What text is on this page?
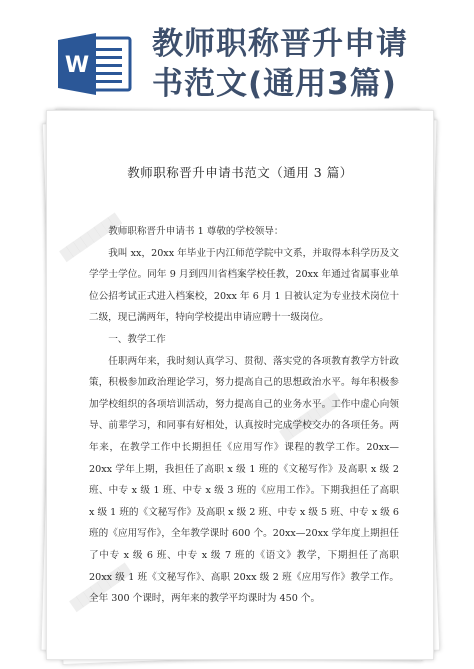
W
教师职称晋升申请
书范文(通用3篇)
████████
████████
████████
教师职称晋升申请书范文（通用 3 篇）

教师职称晋升申请书 1 尊敬的学校领导：

我叫 xx，20xx 年毕业于内江师范学院中文系，并取得本科学历及文学学士学位。同年 9 月到四川省档案学校任教，20xx 年通过省属事业单位公招考试正式进入档案校，20xx 年 6 月 1 日被认定为专业技术岗位十二级，现已满两年，特向学校提出申请应聘十一级岗位。

一、教学工作

任职两年来，我时刻认真学习、贯彻、落实党的各项教育教学方针政策，积极参加政治理论学习，努力提高自己的思想政治水平。每年积极参加学校组织的各项培训活动，努力提高自己的业务水平。工作中虚心向领导、前辈学习，和同事有好相处，认真按时完成学校交办的各项任务。两年来，在教学工作中长期担任《应用写作》课程的教学工作。20xx—20xx 学年上期，我担任了高职 x 级 1 班的《文秘写作》及高职 x 级 2 班、中专 x 级 1 班、中专 x 级 3 班的《应用工作》。下期我担任了高职 x 级 1 班的《文秘写作》及高职 x 级 2 班、中专 x 级 5 班、中专 x 级 6 班的《应用写作》，全年教学课时 600 个。20xx—20xx 学年度上期担任了中专 x 级 6 班、中专 x 级 7 班的《语文》教学，下期担任了高职 20xx 级 1 班《文秘写作》、高职 20xx 级 2 班《应用写作》教学工作。全年 300 个课时，两年来的教学平均课时为 450 个。
